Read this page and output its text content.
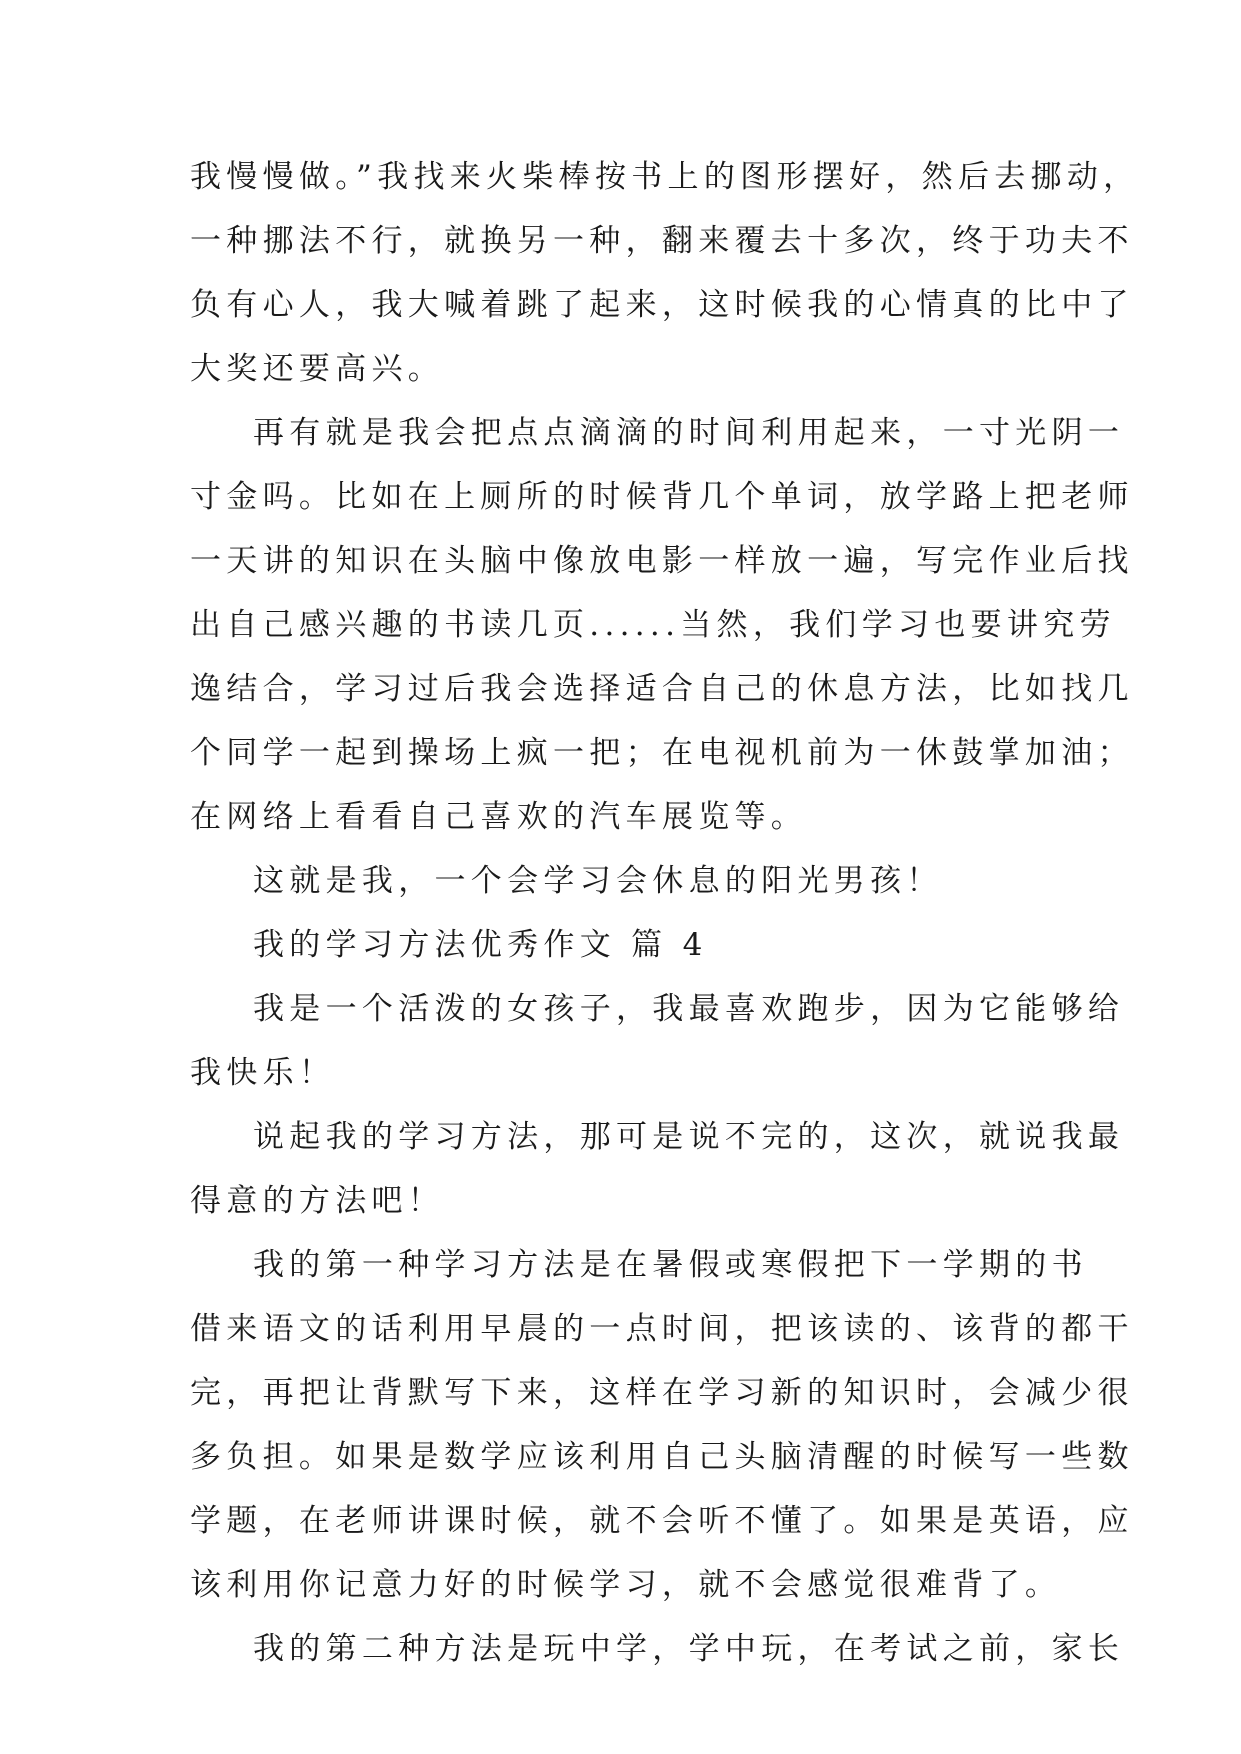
我慢慢做。”我找来火柴棒按书上的图形摆好，然后去挪动，
一种挪法不行，就换另一种，翻来覆去十多次，终于功夫不
负有心人，我大喊着跳了起来，这时候我的心情真的比中了
大奖还要高兴。
再有就是我会把点点滴滴的时间利用起来，一寸光阴一
寸金吗。比如在上厕所的时候背几个单词，放学路上把老师
一天讲的知识在头脑中像放电影一样放一遍，写完作业后找
出自己感兴趣的书读几页......当然，我们学习也要讲究劳
逸结合，学习过后我会选择适合自己的休息方法，比如找几
个同学一起到操场上疯一把；在电视机前为一休鼓掌加油；
在网络上看看自己喜欢的汽车展览等。
这就是我，一个会学习会休息的阳光男孩！
我的学习方法优秀作文 篇 4
我是一个活泼的女孩子，我最喜欢跑步，因为它能够给
我快乐！
说起我的学习方法，那可是说不完的，这次，就说我最
得意的方法吧！
我的第一种学习方法是在暑假或寒假把下一学期的书
借来语文的话利用早晨的一点时间，把该读的、该背的都干
完，再把让背默写下来，这样在学习新的知识时，会减少很
多负担。如果是数学应该利用自己头脑清醒的时候写一些数
学题，在老师讲课时候，就不会听不懂了。如果是英语，应
该利用你记意力好的时候学习，就不会感觉很难背了。
我的第二种方法是玩中学，学中玩，在考试之前，家长
